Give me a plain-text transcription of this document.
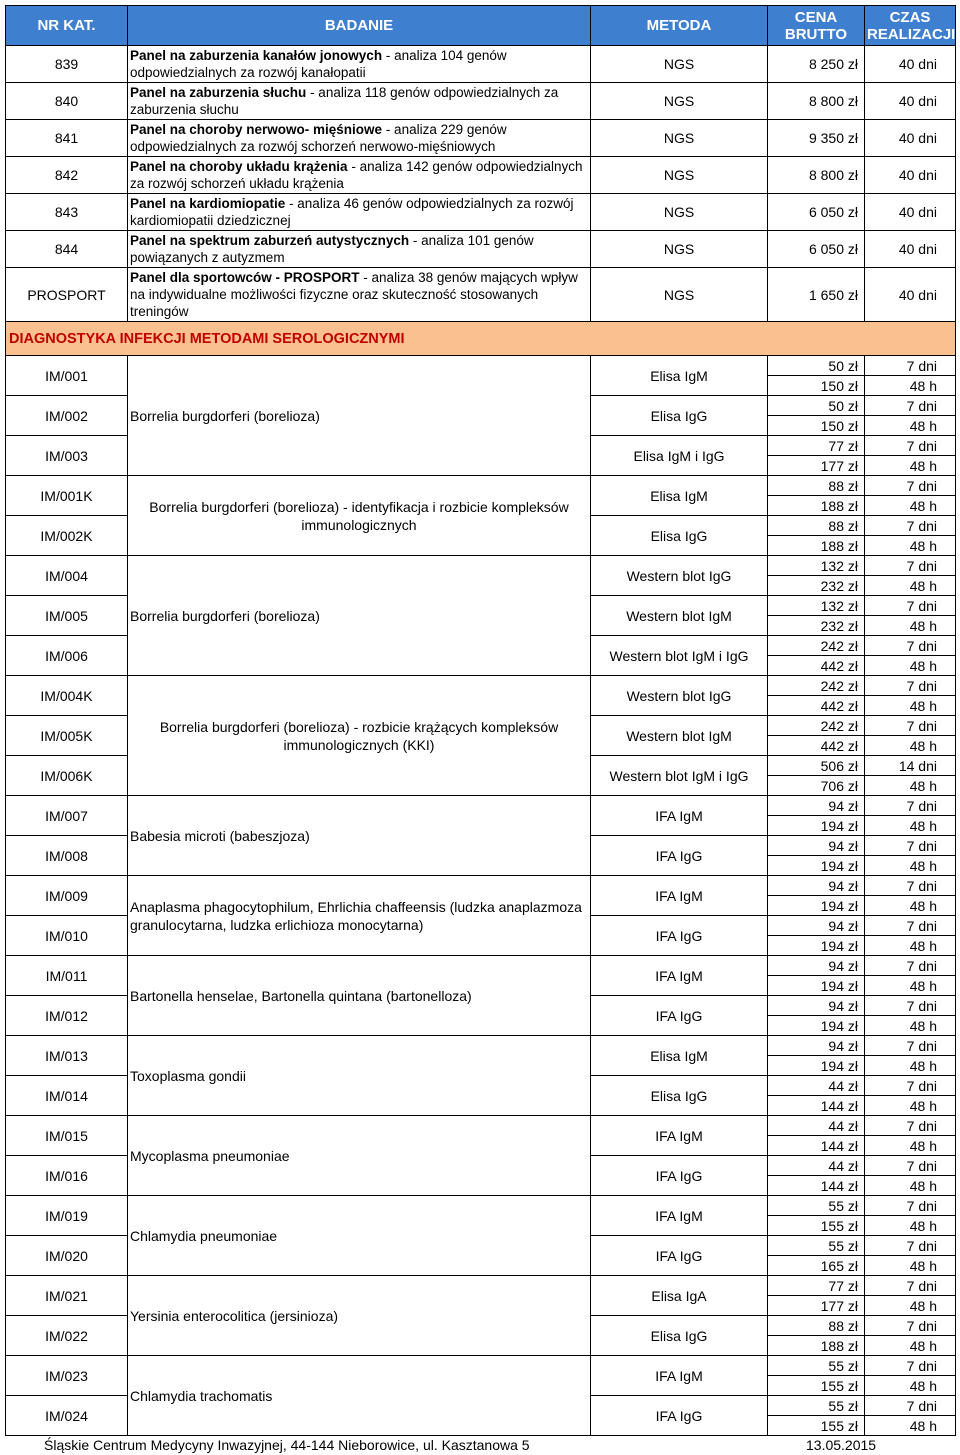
NR KAT.	BADANIE	METODA	CENA BRUTTO	CZAS REALIZACJI
839	Panel na zaburzenia kanałów jonowych - analiza 104 genów odpowiedzialnych za rozwój kanałopatii	NGS	8 250 zł	40 dni
840	Panel na zaburzenia słuchu - analiza 118 genów odpowiedzialnych za zaburzenia słuchu	NGS	8 800 zł	40 dni
841	Panel na choroby nerwowo- mięśniowe - analiza 229 genów odpowiedzialnych za rozwój schorzeń nerwowo-mięśniowych	NGS	9 350 zł	40 dni
842	Panel na choroby układu krążenia - analiza 142 genów odpowiedzialnych za rozwój schorzeń układu krążenia	NGS	8 800 zł	40 dni
843	Panel na kardiomiopatie - analiza 46 genów odpowiedzialnych za rozwój kardiomiopatii dziedzicznej	NGS	6 050 zł	40 dni
844	Panel na spektrum zaburzeń autystycznych - analiza 101 genów powiązanych z autyzmem	NGS	6 050 zł	40 dni
PROSPORT	Panel dla sportowców - PROSPORT - analiza 38 genów mających wpływ na indywidualne możliwości fizyczne oraz skuteczność stosowanych treningów	NGS	1 650 zł	40 dni
DIAGNOSTYKA INFEKCJI METODAMI SEROLOGICZNYMI				
IM/001	Borrelia burgdorferi (borelioza)	Elisa IgM	50 zł	7 dni
			150 zł	48 h
IM/002		Elisa IgG	50 zł	7 dni
			150 zł	48 h
IM/003		Elisa IgM i IgG	77 zł	7 dni
			177 zł	48 h
IM/001K	Borrelia burgdorferi (borelioza) - identyfikacja i rozbicie kompleksów immunologicznych	Elisa IgM	88 zł	7 dni
			188 zł	48 h
IM/002K		Elisa IgG	88 zł	7 dni
			188 zł	48 h
IM/004	Borrelia burgdorferi (borelioza)	Western blot IgG	132 zł	7 dni
			232 zł	48 h
IM/005		Western blot IgM	132 zł	7 dni
			232 zł	48 h
IM/006		Western blot IgM i IgG	242 zł	7 dni
			442 zł	48 h
IM/004K	Borrelia burgdorferi (borelioza) - rozbicie krążących kompleksów immunologicznych (KKI)	Western blot IgG	242 zł	7 dni
			442 zł	48 h
IM/005K		Western blot IgM	242 zł	7 dni
			442 zł	48 h
IM/006K		Western blot IgM i IgG	506 zł	14 dni
			706 zł	48 h
IM/007	Babesia microti (babeszjoza)	IFA IgM	94 zł	7 dni
			194 zł	48 h
IM/008		IFA IgG	94 zł	7 dni
			194 zł	48 h
IM/009	Anaplasma phagocytophilum, Ehrlichia chaffeensis (ludzka anaplazmoza granulocytarna, ludzka erlichioza monocytarna)	IFA IgM	94 zł	7 dni
			194 zł	48 h
IM/010		IFA IgG	94 zł	7 dni
			194 zł	48 h
IM/011	Bartonella henselae, Bartonella quintana (bartonelloza)	IFA IgM	94 zł	7 dni
			194 zł	48 h
IM/012		IFA IgG	94 zł	7 dni
			194 zł	48 h
IM/013	Toxoplasma gondii	Elisa IgM	94 zł	7 dni
			194 zł	48 h
IM/014		Elisa IgG	44 zł	7 dni
			144 zł	48 h
IM/015	Mycoplasma pneumoniae	IFA IgM	44 zł	7 dni
			144 zł	48 h
IM/016		IFA IgG	44 zł	7 dni
			144 zł	48 h
IM/019	Chlamydia pneumoniae	IFA IgM	55 zł	7 dni
			155 zł	48 h
IM/020		IFA IgG	55 zł	7 dni
			165 zł	48 h
IM/021	Yersinia enterocolitica (jersinioza)	Elisa IgA	77 zł	7 dni
			177 zł	48 h
IM/022		Elisa IgG	88 zł	7 dni
			188 zł	48 h
IM/023	Chlamydia trachomatis	IFA IgM	55 zł	7 dni
			155 zł	48 h
IM/024		IFA IgG	55 zł	7 dni
			155 zł	48 h
Śląskie Centrum Medycyny Inwazyjnej, 44-144 Nieborowice, ul. Kasztanowa 5	13.05.2015
